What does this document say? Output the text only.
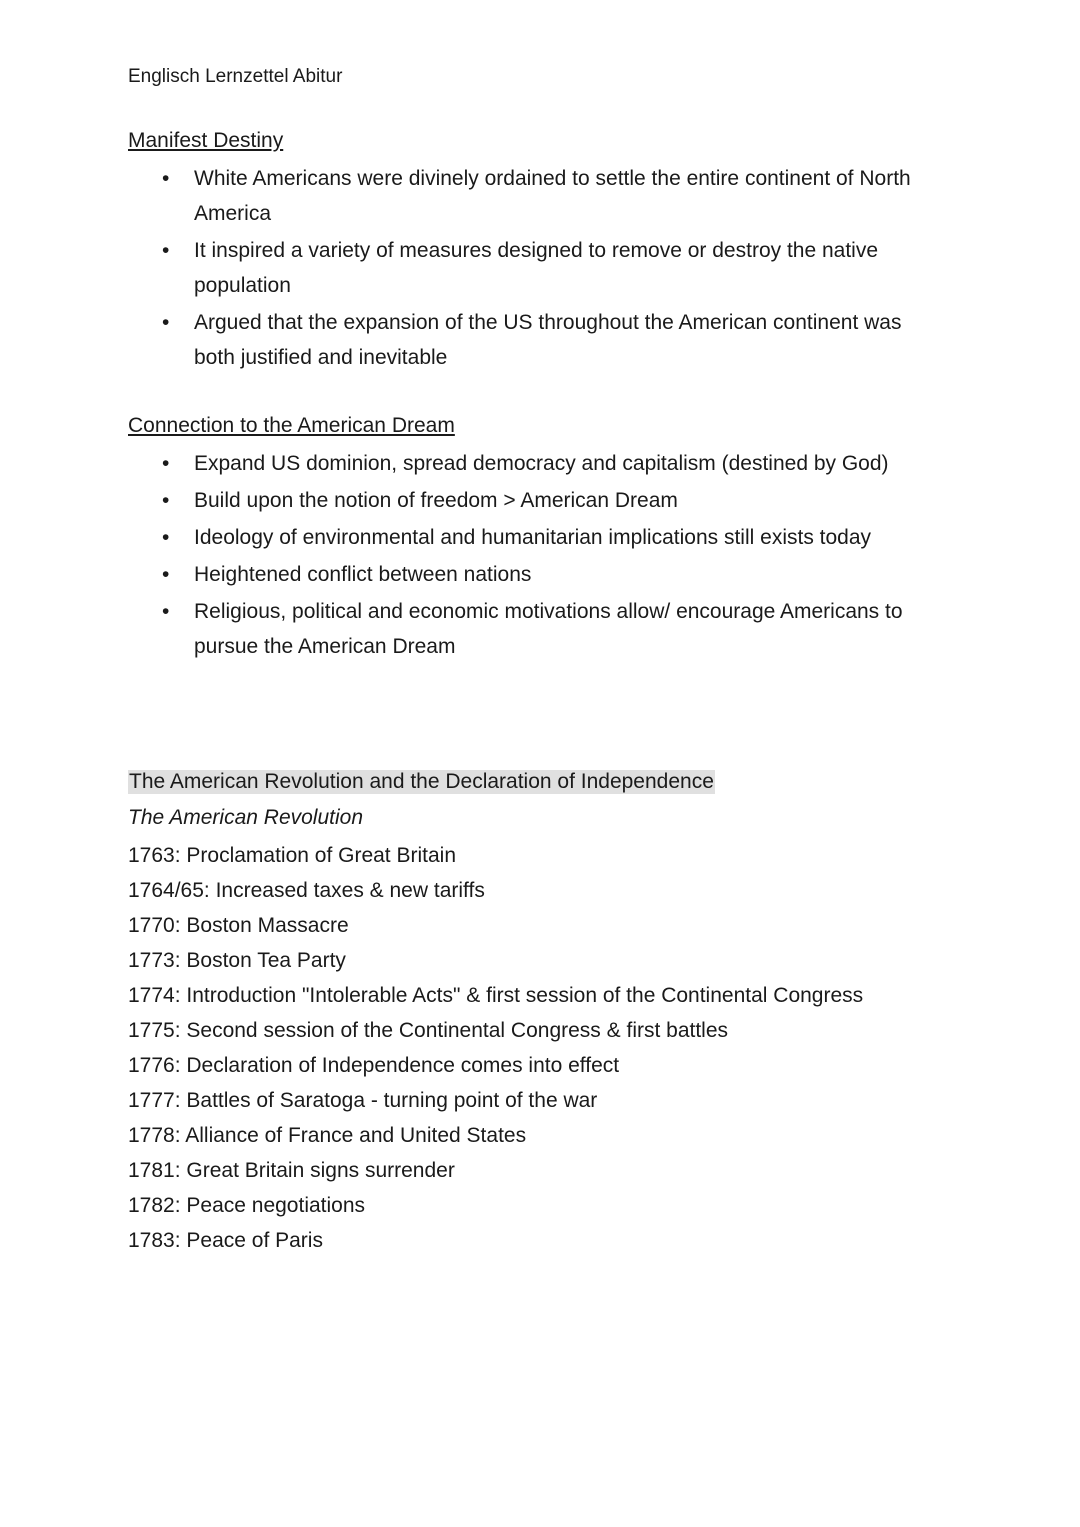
Englisch Lernzettel Abitur
Manifest Destiny
• White Americans were divinely ordained to settle the entire continent of North America
• It inspired a variety of measures designed to remove or destroy the native population
• Argued that the expansion of the US throughout the American continent was both justified and inevitable
Connection to the American Dream
• Expand US dominion, spread democracy and capitalism (destined by God)
• Build upon the notion of freedom > American Dream
• Ideology of environmental and humanitarian implications still exists today
• Heightened conflict between nations
• Religious, political and economic motivations allow/ encourage Americans to pursue the American Dream
The American Revolution and the Declaration of Independence
The American Revolution
1763: Proclamation of Great Britain
1764/65: Increased taxes & new tariffs
1770: Boston Massacre
1773: Boston Tea Party
1774: Introduction "Intolerable Acts" & first session of the Continental Congress
1775: Second session of the Continental Congress & first battles
1776: Declaration of Independence comes into effect
1777: Battles of Saratoga - turning point of the war
1778: Alliance of France and United States
1781: Great Britain signs surrender
1782: Peace negotiations
1783: Peace of Paris
